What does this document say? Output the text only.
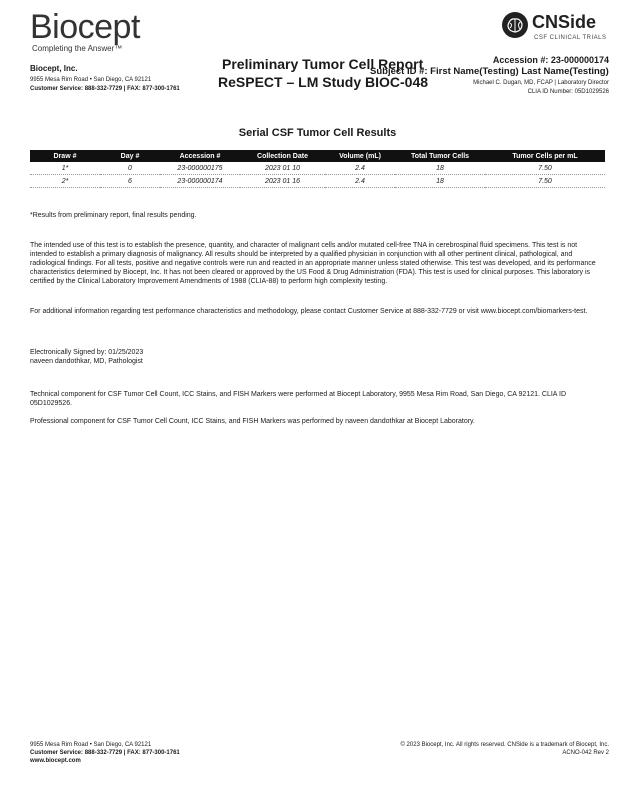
Biocept
Completing the Answer™
Biocept, Inc.
9955 Mesa Rim Road • San Diego, CA 92121
Customer Service: 888-332-7729 | FAX: 877-300-1761
Preliminary Tumor Cell Report
ReSPECT – LM Study BIOC-048
Subject ID #: First Name(Testing) Last Name(Testing)
CNSide
CSF CLINICAL TRIALS
Accession #: 23-000000174
Michael C. Dugan, MD, FCAP | Laboratory Director
CLIA ID Number: 05D1029526
Serial CSF Tumor Cell Results
Draw #	Day #	Accession #	Collection Date	Volume (mL)	Total Tumor Cells	Tumor Cells per mL
1*	0	23-000000175	2023 01 10	2.4	18	7.50
2*	6	23-000000174	2023 01 16	2.4	18	7.50
*Results from preliminary report, final results pending.
The intended use of this test is to establish the presence, quantity, and character of malignant cells and/or mutated cell-free TNA in cerebrospinal fluid specimens. This test is not intended to establish a primary diagnosis of malignancy. All results should be interpreted by a qualified physician in conjunction with all other pertinent clinical, pathological, and radiological findings. For all tests, positive and negative controls were run and reacted in an appropriate manner unless stated otherwise. This test was developed, and its performance characteristics determined by Biocept, Inc. It has not been cleared or approved by the US Food & Drug Administration (FDA). This test is used for clinical purposes. This laboratory is certified by the Clinical Laboratory Improvement Amendments of 1988 (CLIA-88) to perform high complexity testing.
For additional information regarding test performance characteristics and methodology, please contact Customer Service at 888-332-7729 or visit www.biocept.com/biomarkers-test.
Electronically Signed by: 01/25/2023
naveen dandothkar, MD, Pathologist
Technical component for CSF Tumor Cell Count, ICC Stains, and FISH Markers were performed at Biocept Laboratory, 9955 Mesa Rim Road, San Diego, CA 92121. CLIA ID 05D1029526.
Professional component for CSF Tumor Cell Count, ICC Stains, and FISH Markers was performed by naveen dandothkar at Biocept Laboratory.
9955 Mesa Rim Road • San Diego, CA 92121
Customer Service: 888-332-7729 | FAX: 877-300-1761
www.biocept.com
© 2023 Biocept, Inc. All rights reserved. CNSide is a trademark of Biocept, Inc.
ACNO-042 Rev 2
